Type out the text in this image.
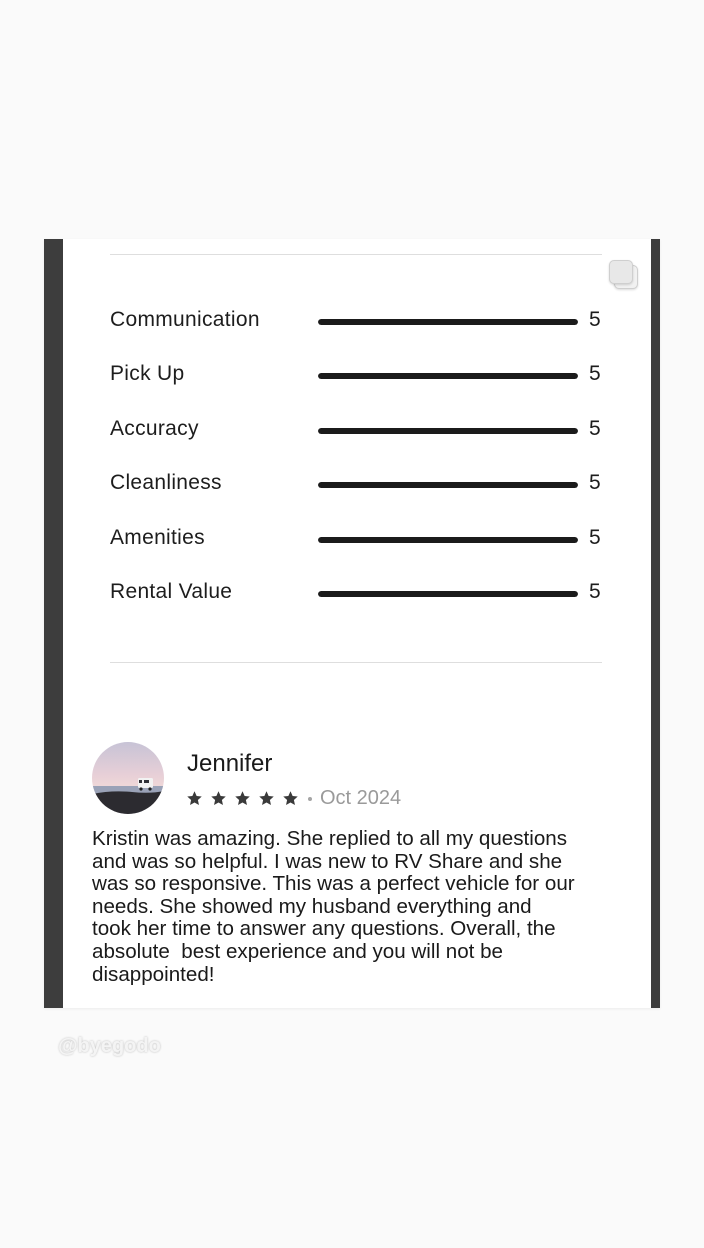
Communication	5
Pick Up	5
Accuracy	5
Cleanliness	5
Amenities	5
Rental Value	5
Jennifer
Oct 2024
Kristin was amazing. She replied to all my questions
and was so helpful. I was new to RV Share and she
was so responsive. This was a perfect vehicle for our
needs. She showed my husband everything and
took her time to answer any questions. Overall, the
absolute  best experience and you will not be
disappointed!
@byegodo
